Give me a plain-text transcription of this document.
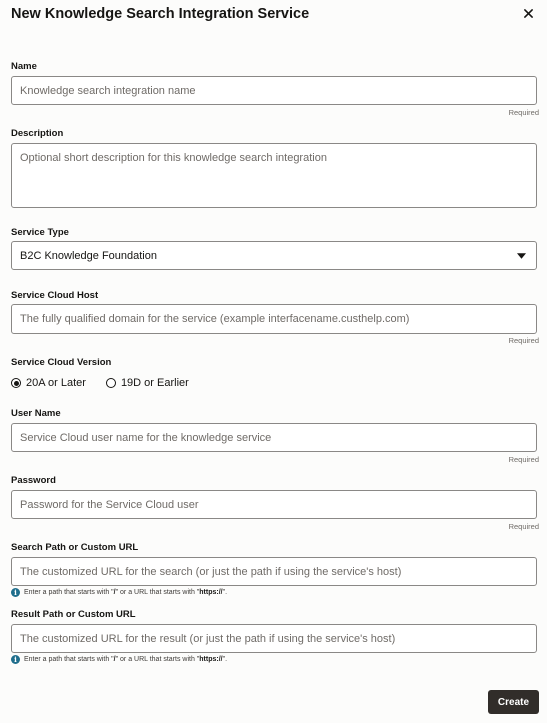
New Knowledge Search Integration Service
Name
Knowledge search integration name
Required
Description
Optional short description for this knowledge search integration
Service Type
B2C Knowledge Foundation
Service Cloud Host
The fully qualified domain for the service (example interfacename.custhelp.com)
Required
Service Cloud Version
20A or Later	19D or Earlier
User Name
Service Cloud user name for the knowledge service
Required
Password
Required
Search Path or Custom URL
The customized URL for the search (or just the path if using the service's host)
i	Enter a path that starts with " / " or a URL that starts with " https:// ".
Result Path or Custom URL
The customized URL for the result (or just the path if using the service's host)
i	Enter a path that starts with " / " or a URL that starts with " https:// ".
Create
